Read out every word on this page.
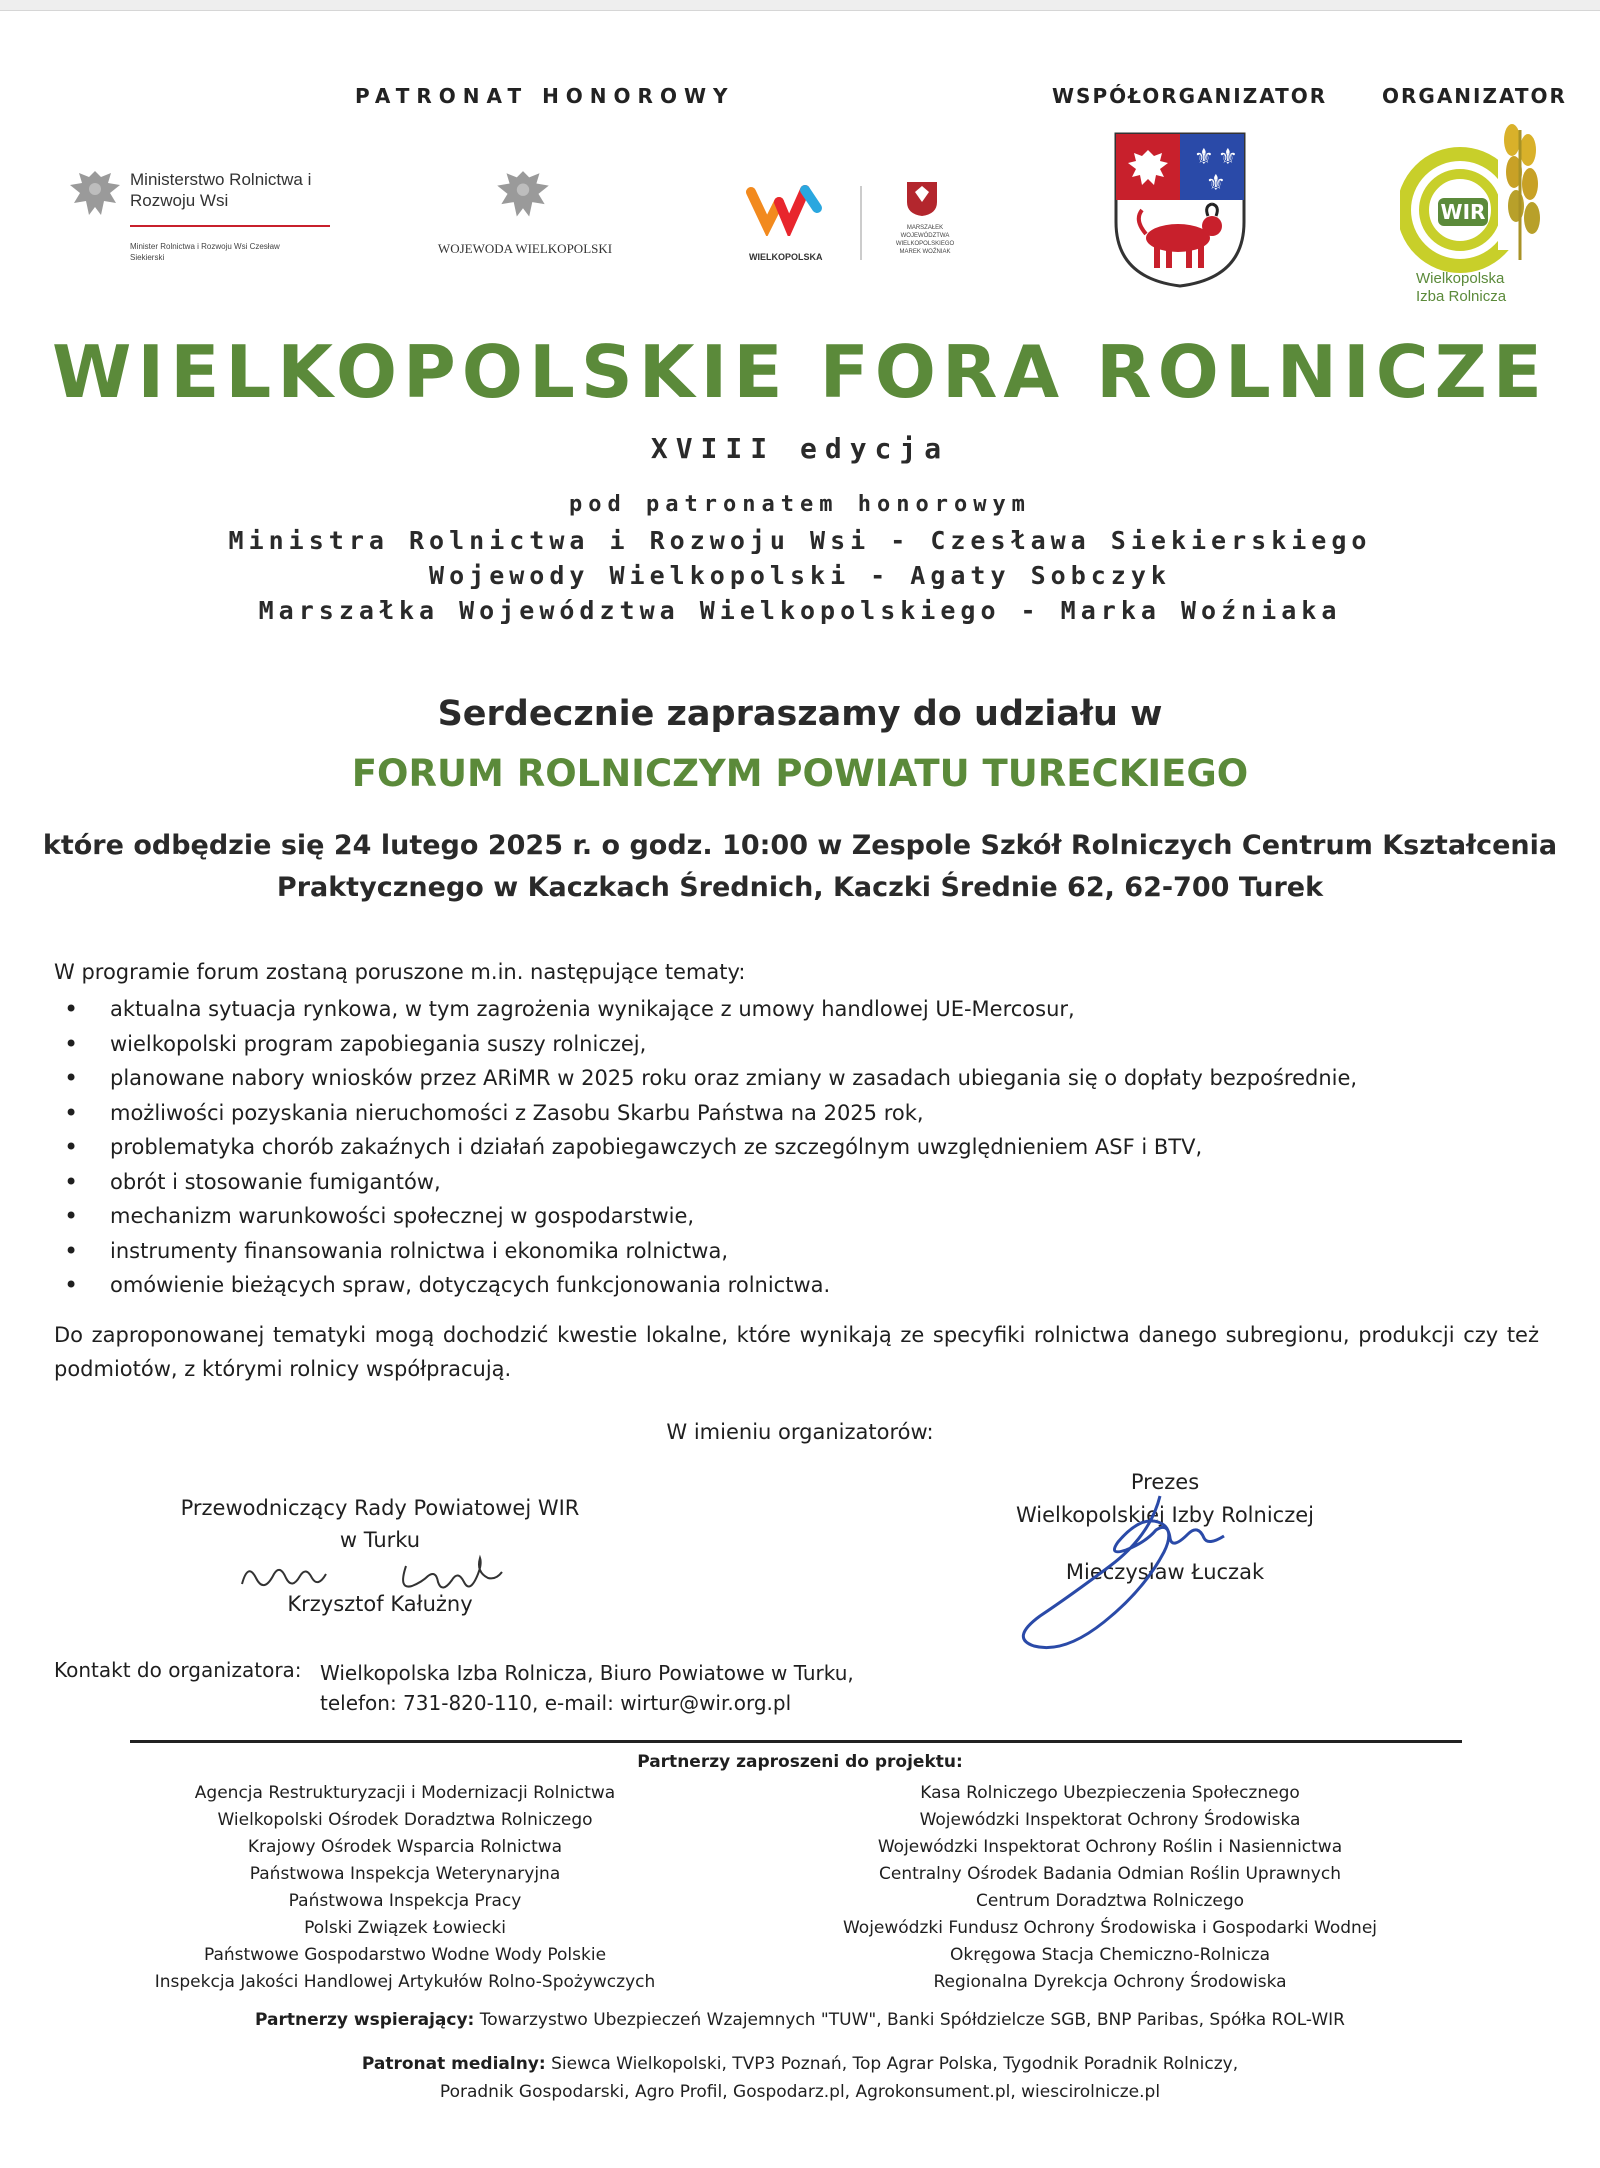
PATRONAT HONOROWY	WSPÓŁORGANIZATOR	ORGANIZATOR
Ministerstwo Rolnictwa i Rozwoju Wsi
Minister Rolnictwa i Rozwoju Wsi Czesław Siekierski
WOJEWODA WIELKOPOLSKI
WIELKOPOLSKA
MARSZAŁEK WOJEWÓDZTWA WIELKOPOLSKIEGO MAREK WOŹNIAK
⚜ ⚜
⚜
WIR
Wielkopolska Izba Rolnicza
WIELKOPOLSKIE FORA ROLNICZE
XVIII edycja
pod patronatem honorowym
Ministra Rolnictwa i Rozwoju Wsi - Czesława Siekierskiego
Wojewody Wielkopolski - Agaty Sobczyk
Marszałka Województwa Wielkopolskiego - Marka Woźniaka
Serdecznie zapraszamy do udziału w
FORUM ROLNICZYM POWIATU TURECKIEGO
które odbędzie się 24 lutego 2025 r. o godz. 10:00 w Zespole Szkół Rolniczych Centrum Kształcenia
Praktycznego w Kaczkach Średnich, Kaczki Średnie 62, 62-700 Turek
W programie forum zostaną poruszone m.in. następujące tematy:
• aktualna sytuacja rynkowa, w tym zagrożenia wynikające z umowy handlowej UE-Mercosur,
• wielkopolski program zapobiegania suszy rolniczej,
• planowane nabory wniosków przez ARiMR w 2025 roku oraz zmiany w zasadach ubiegania się o dopłaty bezpośrednie,
• możliwości pozyskania nieruchomości z Zasobu Skarbu Państwa na 2025 rok,
• problematyka chorób zakaźnych i działań zapobiegawczych ze szczególnym uwzględnieniem ASF i BTV,
• obrót i stosowanie fumigantów,
• mechanizm warunkowości społecznej w gospodarstwie,
• instrumenty finansowania rolnictwa i ekonomika rolnictwa,
• omówienie bieżących spraw, dotyczących funkcjonowania rolnictwa.
Do zaproponowanej tematyki mogą dochodzić kwestie lokalne, które wynikają ze specyfiki rolnictwa danego subregionu, produkcji czy też podmiotów, z którymi rolnicy współpracują.
W imieniu organizatorów:
Przewodniczący Rady Powiatowej WIR
w Turku
Krzysztof Kałużny
Prezes
Wielkopolskiej Izby Rolniczej
Mieczysław Łuczak
Kontakt do organizatora: Wielkopolska Izba Rolnicza, Biuro Powiatowe w Turku,
telefon: 731-820-110, e-mail: wirtur@wir.org.pl
Partnerzy zaproszeni do projektu:
Agencja Restrukturyzacji i Modernizacji Rolnictwa
Wielkopolski Ośrodek Doradztwa Rolniczego
Krajowy Ośrodek Wsparcia Rolnictwa
Państwowa Inspekcja Weterynaryjna
Państwowa Inspekcja Pracy
Polski Związek Łowiecki
Państwowe Gospodarstwo Wodne Wody Polskie
Inspekcja Jakości Handlowej Artykułów Rolno-Spożywczych
Kasa Rolniczego Ubezpieczenia Społecznego
Wojewódzki Inspektorat Ochrony Środowiska
Wojewódzki Inspektorat Ochrony Roślin i Nasiennictwa
Centralny Ośrodek Badania Odmian Roślin Uprawnych
Centrum Doradztwa Rolniczego
Wojewódzki Fundusz Ochrony Środowiska i Gospodarki Wodnej
Okręgowa Stacja Chemiczno-Rolnicza
Regionalna Dyrekcja Ochrony Środowiska
Partnerzy wspierający: Towarzystwo Ubezpieczeń Wzajemnych "TUW", Banki Spółdzielcze SGB, BNP Paribas, Spółka ROL-WIR
Patronat medialny: Siewca Wielkopolski, TVP3 Poznań, Top Agrar Polska, Tygodnik Poradnik Rolniczy,
Poradnik Gospodarski, Agro Profil, Gospodarz.pl, Agrokonsument.pl, wiescirolnicze.pl
